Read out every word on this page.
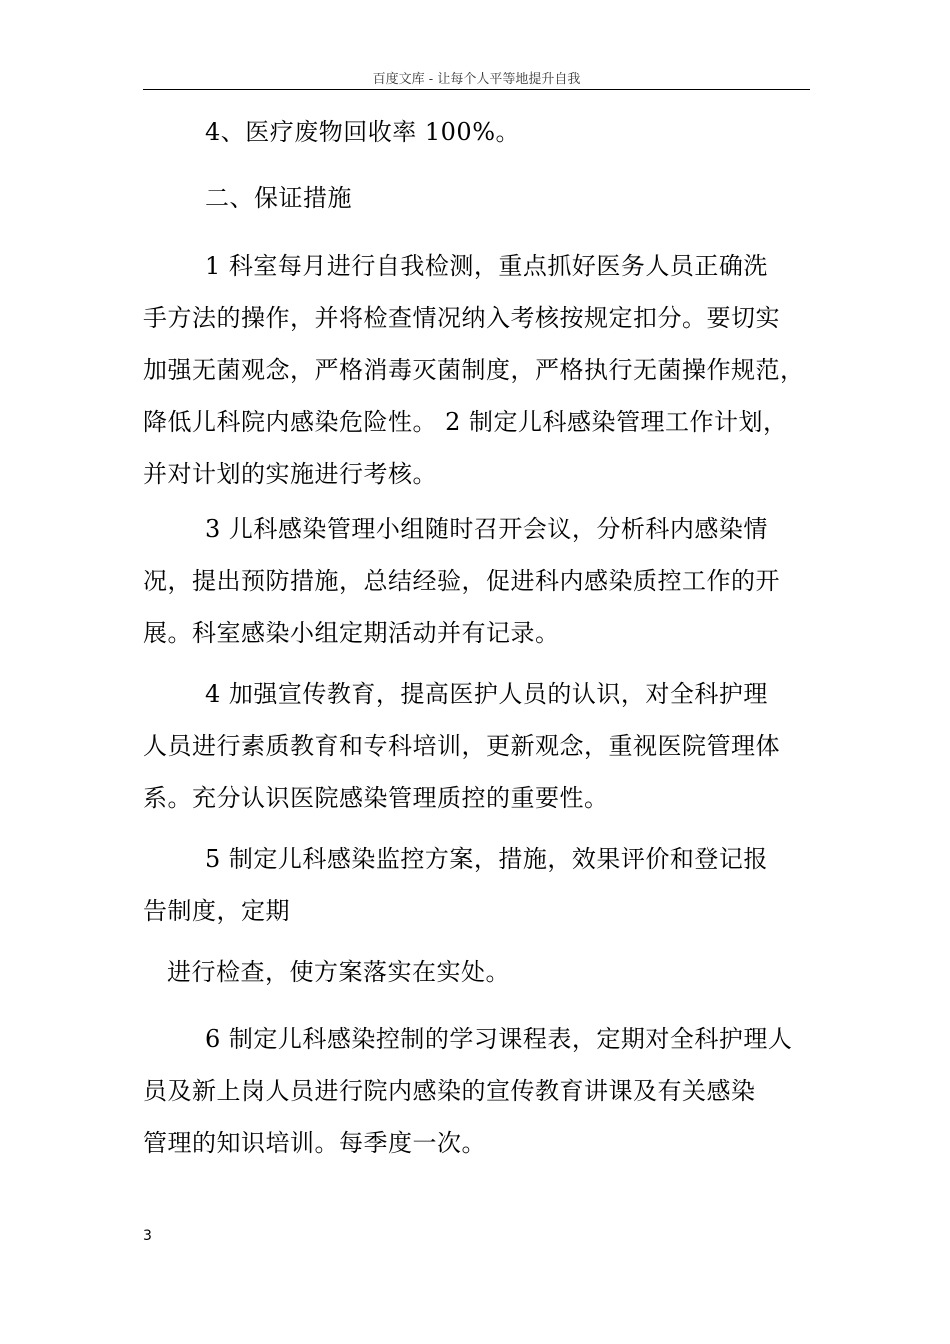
百度文库 - 让每个人平等地提升自我
4、医疗废物回收率 100%。
二、保证措施
1 科室每月进行自我检测，重点抓好医务人员正确洗
手方法的操作，并将检查情况纳入考核按规定扣分。要切实
加强无菌观念，严格消毒灭菌制度，严格执行无菌操作规范，
降低儿科院内感染危险性。 2 制定儿科感染管理工作计划，
并对计划的实施进行考核。
3 儿科感染管理小组随时召开会议，分析科内感染情
况，提出预防措施，总结经验，促进科内感染质控工作的开
展。科室感染小组定期活动并有记录。
4 加强宣传教育，提高医护人员的认识，对全科护理
人员进行素质教育和专科培训，更新观念，重视医院管理体
系。充分认识医院感染管理质控的重要性。
5 制定儿科感染监控方案，措施，效果评价和登记报
告制度，定期
进行检查，使方案落实在实处。
6 制定儿科感染控制的学习课程表，定期对全科护理人
员及新上岗人员进行院内感染的宣传教育讲课及有关感染
管理的知识培训。每季度一次。
3
